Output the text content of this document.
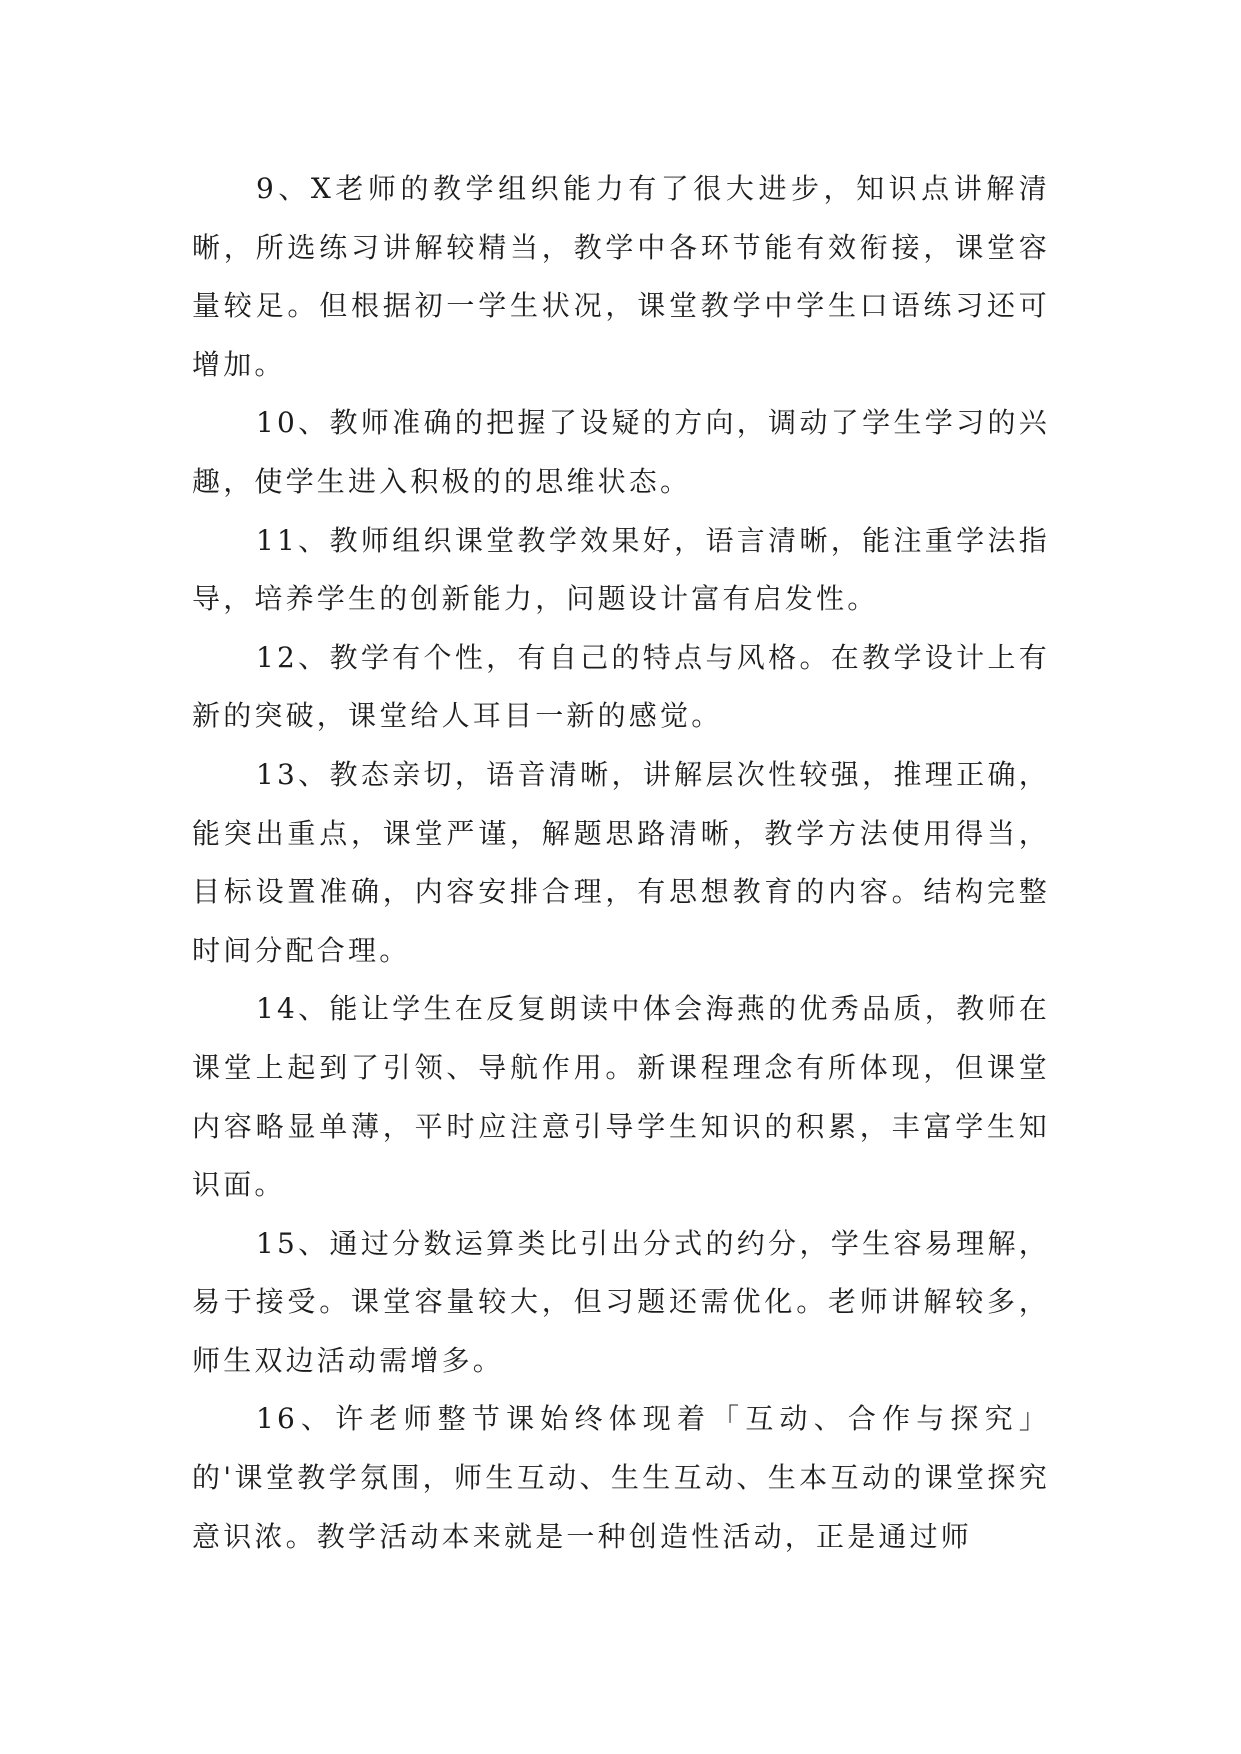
9、X老师的教学组织能力有了很大进步，知识点讲解清晰，所选练习讲解较精当，教学中各环节能有效衔接，课堂容量较足。但根据初一学生状况，课堂教学中学生口语练习还可增加。

10、教师准确的把握了设疑的方向，调动了学生学习的兴趣，使学生进入积极的的思维状态。

11、教师组织课堂教学效果好，语言清晰，能注重学法指导，培养学生的创新能力，问题设计富有启发性。

12、教学有个性，有自己的特点与风格。在教学设计上有新的突破，课堂给人耳目一新的感觉。

13、教态亲切，语音清晰，讲解层次性较强，推理正确，能突出重点，课堂严谨，解题思路清晰，教学方法使用得当，目标设置准确，内容安排合理，有思想教育的内容。结构完整时间分配合理。

14、能让学生在反复朗读中体会海燕的优秀品质，教师在课堂上起到了引领、导航作用。新课程理念有所体现，但课堂内容略显单薄，平时应注意引导学生知识的积累，丰富学生知识面。

15、通过分数运算类比引出分式的约分，学生容易理解，易于接受。课堂容量较大，但习题还需优化。老师讲解较多，师生双边活动需增多。

16、许老师整节课始终体现着「互动、合作与探究」的'课堂教学氛围，师生互动、生生互动、生本互动的课堂探究意识浓。教学活动本来就是一种创造性活动，正是通过师
